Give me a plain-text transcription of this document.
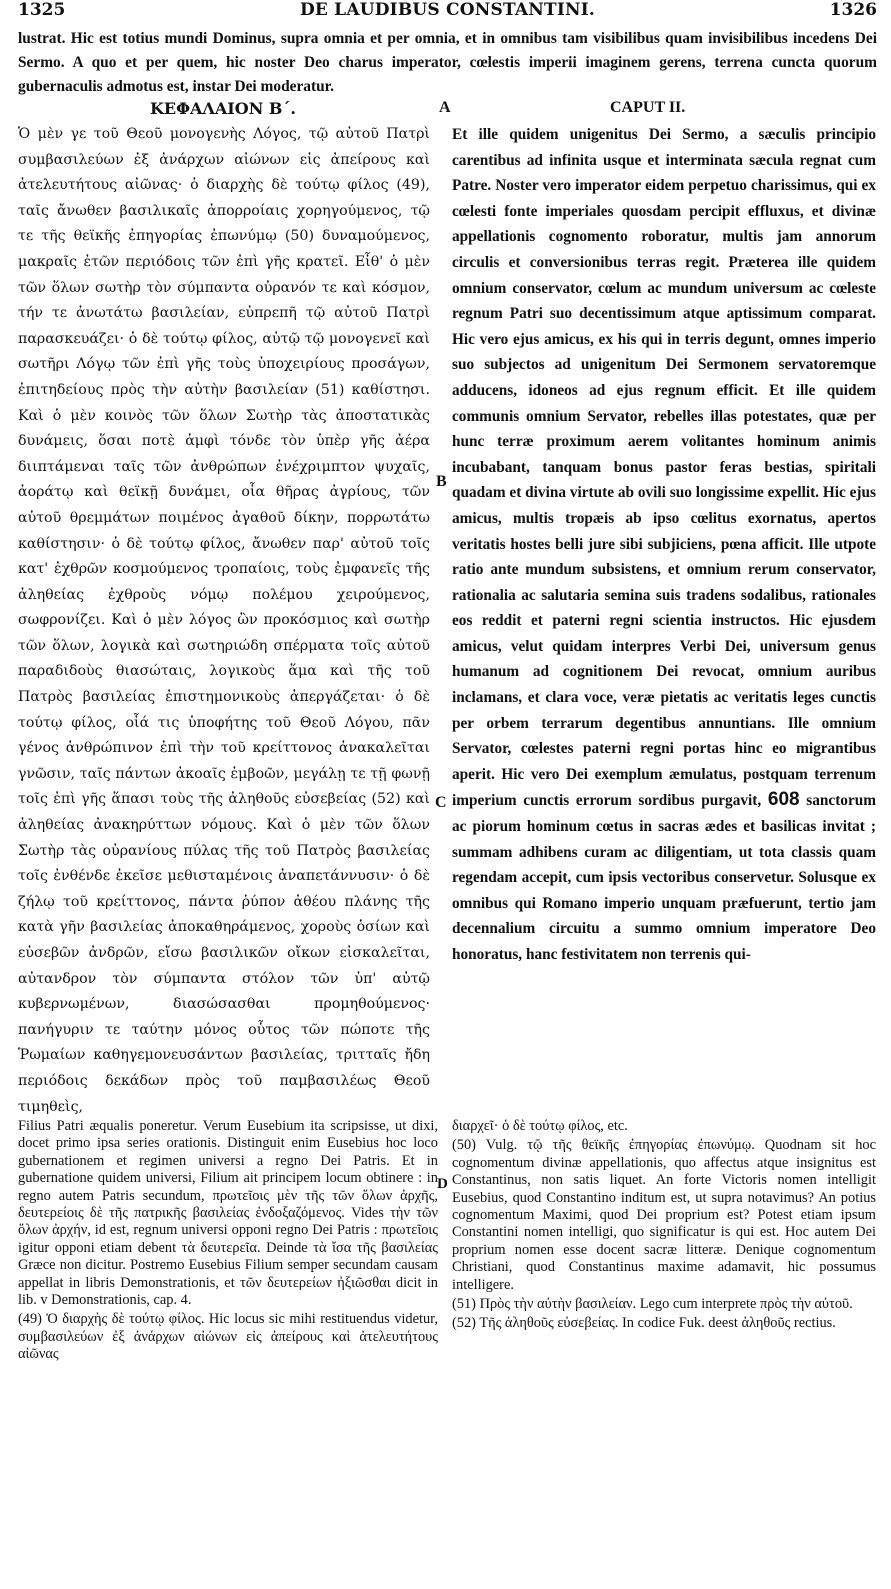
1325	DE LAUDIBUS CONSTANTINI.	1326

lustrat. Hic est totius mundi Dominus, supra omnia et per omnia, et in omnibus tam visibilibus quam invisibilibus incedens Dei Sermo. A quo et per quem, hic noster Deo charus imperator, cœlestis imperii imaginem gerens, terrena cuncta quorum gubernaculis admotus est, instar Dei moderatur.

ΚΕΦΑΛΑΙΟΝ Β΄.	A	CAPUT II.

Ὁ μὲν γε τοῦ Θεοῦ μονογενὴς Λόγος, τῷ αὐτοῦ Πατρὶ συμβασιλεύων ἐξ ἀνάρχων αἰώνων εἰς ἀπείρους καὶ ἀτελευτήτους αἰῶνας· ὁ διαρχὴς δὲ τούτῳ φίλος (49), ταῖς ἄνωθεν βασιλικαῖς ἀπορροίαις χορηγούμενος, τῷ τε τῆς θεϊκῆς ἐπηγορίας ἐπωνύμῳ (50) δυναμούμενος, μακραῖς ἐτῶν περιόδοις τῶν ἐπὶ γῆς κρατεῖ. Εἶθ' ὁ μὲν τῶν ὅλων σωτὴρ τὸν σύμπαντα οὐρανόν τε καὶ κόσμον, τήν τε ἀνωτάτω βασιλείαν, εὐπρεπῆ τῷ αὐτοῦ Πατρὶ παρασκευάζει· ὁ δὲ τούτῳ φίλος, αὐτῷ τῷ μονογενεῖ καὶ σωτῆρι Λόγῳ τῶν ἐπὶ γῆς τοὺς ὑποχειρίους προσάγων, ἐπιτηδείους πρὸς τὴν αὐτὴν βασιλείαν (51) καθίστησι. Καὶ ὁ μὲν κοινὸς τῶν ὅλων Σωτὴρ τὰς ἀποστατικὰς δυνάμεις, ὅσαι ποτὲ ἀμφὶ τόνδε τὸν ὑπὲρ γῆς ἀέρα διιπτάμεναι ταῖς τῶν ἀνθρώπων ἐνέχριμπτον ψυχαῖς, ἀοράτῳ καὶ θεϊκῇ δυνάμει, οἷα θῆρας ἀγρίους, τῶν αὐτοῦ θρεμμάτων ποιμένος ἀγαθοῦ δίκην, πορρωτάτω καθίστησιν· ὁ δὲ τούτῳ φίλος, ἄνωθεν παρ' αὐτοῦ τοῖς κατ' ἐχθρῶν κοσμούμενος τροπαίοις, τοὺς ἐμφανεῖς τῆς ἀληθείας ἐχθροὺς νόμῳ πολέμου χειρούμενος, σωφρονίζει. Καὶ ὁ μὲν λόγος ὢν προκόσμιος καὶ σωτὴρ τῶν ὅλων, λογικὰ καὶ σωτηριώδη σπέρματα τοῖς αὐτοῦ παραδιδοὺς θιασώταις, λογικοὺς ἅμα καὶ τῆς τοῦ Πατρὸς βασιλείας ἐπιστημονικοὺς ἀπεργάζεται· ὁ δὲ τούτῳ φίλος, οἷά τις ὑποφήτης τοῦ Θεοῦ Λόγου, πᾶν γένος ἀνθρώπινον ἐπὶ τὴν τοῦ κρείττονος ἀνακαλεῖται γνῶσιν, ταῖς πάντων ἀκοαῖς ἐμβοῶν, μεγάλῃ τε τῇ φωνῇ τοῖς ἐπὶ γῆς ἅπασι τοὺς τῆς ἀληθοῦς εὐσεβείας (52) καὶ ἀληθείας ἀνακηρύττων νόμους. Καὶ ὁ μὲν τῶν ὅλων Σωτὴρ τὰς οὐρανίους πύλας τῆς τοῦ Πατρὸς βασιλείας τοῖς ἐνθένδε ἐκεῖσε μεθισταμένοις ἀναπετάννυσιν· ὁ δὲ ζήλῳ τοῦ κρείττονος, πάντα ῥύπον ἀθέου πλάνης τῆς κατὰ γῆν βασιλείας ἀποκαθηράμενος, χοροὺς ὁσίων καὶ εὐσεβῶν ἀνδρῶν, εἴσω βασιλικῶν οἴκων εἰσκαλεῖται, αὐτανδρον τὸν σύμπαντα στόλον τῶν ὑπ' αὐτῷ κυβερνωμένων, διασώσασθαι προμηθούμενος· πανήγυριν τε ταύτην μόνος οὗτος τῶν πώποτε τῆς Ῥωμαίων καθηγεμονευσάντων βασιλείας, τριτταῖς ἤδη περιόδοις δεκάδων πρὸς τοῦ παμβασιλέως Θεοῦ τιμηθεὶς,

B
C

Et ille quidem unigenitus Dei Sermo, a sæculis principio carentibus ad infinita usque et interminata sæcula regnat cum Patre. Noster vero imperator eidem perpetuo charissimus, qui ex cœlesti fonte imperiales quosdam percipit effluxus, et divinæ appellationis cognomento roboratur, multis jam annorum circulis et conversionibus terras regit. Præterea ille quidem omnium conservator, cœlum ac mundum universum ac cœleste regnum Patri suo decentissimum atque aptissimum comparat. Hic vero ejus amicus, ex his qui in terris degunt, omnes imperio suo subjectos ad unigenitum Dei Sermonem servatoremque adducens, idoneos ad ejus regnum efficit. Et ille quidem communis omnium Servator, rebelles illas potestates, quæ per hunc terræ proximum aerem volitantes hominum animis incubabant, tanquam bonus pastor feras bestias, spiritali quadam et divina virtute ab ovili suo longissime expellit. Hic ejus amicus, multis tropæis ab ipso cœlitus exornatus, apertos veritatis hostes belli jure sibi subjiciens, pœna afficit. Ille utpote ratio ante mundum subsistens, et omnium rerum conservator, rationalia ac salutaria semina suis tradens sodalibus, rationales eos reddit et paterni regni scientia instructos. Hic ejusdem amicus, velut quidam interpres Verbi Dei, universum genus humanum ad cognitionem Dei revocat, omnium auribus inclamans, et clara voce, veræ pietatis ac veritatis leges cunctis per orbem terrarum degentibus annuntians. Ille omnium Servator, cœlestes paterni regni portas hinc eo migrantibus aperit. Hic vero Dei exemplum æmulatus, postquam terrenum imperium cunctis errorum sordibus purgavit, 608 sanctorum ac piorum hominum cœtus in sacras ædes et basilicas invitat ; summam adhibens curam ac diligentiam, ut tota classis quam regendam accepit, cum ipsis vectoribus conservetur. Solusque ex omnibus qui Romano imperio unquam præfuerunt, tertio jam decennalium circuitu a summo omnium imperatore Deo honoratus, hanc festivitatem non terrenis qui-

Filius Patri æqualis poneretur. Verum Eusebium ita scripsisse, ut dixi, docet primo ipsa series orationis. Distinguit enim Eusebius hoc loco gubernationem et regimen universi a regno Dei Patris. Et in gubernatione quidem universi, Filium ait principem locum obtinere : in regno autem Patris secundum, πρωτεῖοις μὲν τῆς τῶν ὅλων ἀρχῆς, δευτερείοις δὲ τῆς πατρικῆς βασιλείας ἐνδοξαζόμενος. Vides τὴν τῶν ὅλων ἀρχήν, id est, regnum universi opponi regno Dei Patris : πρωτεῖοις igitur opponi etiam debent τὰ δευτερεῖα. Deinde τὰ ἴσα τῆς βασιλείας Græce non dicitur. Postremo Eusebius Filium semper secundam causam appellat in libris Demonstrationis, et τῶν δευτερείων ἠξιῶσθαι dicit in lib. v Demonstrationis, cap. 4.

(49) Ὁ διαρχὴς δὲ τούτῳ φίλος. Hic locus sic mihi restituendus videtur, συμβασιλεύων ἐξ ἀνάρχων αἰώνων εἰς ἀπείρους καὶ ἀτελευτήτους αἰῶνας

D

διαρχεῖ· ὁ δὲ τούτῳ φίλος, etc.

(50) Vulg. τῷ τῆς θεϊκῆς ἐπηγορίας ἐπωνύμῳ. Quodnam sit hoc cognomentum divinæ appellationis, quo affectus atque insignitus est Constantinus, non satis liquet. An forte Victoris nomen intelligit Eusebius, quod Constantino inditum est, ut supra notavimus? An potius cognomentum Maximi, quod Dei proprium est? Potest etiam ipsum Constantini nomen intelligi, quo significatur is qui est. Hoc autem Dei proprium nomen esse docent sacræ litteræ. Denique cognomentum Christiani, quod Constantinus maxime adamavit, hic possumus intelligere.

(51) Πρὸς τὴν αὐτὴν βασιλείαν. Lego cum interprete πρὸς τὴν αὐτοῦ.

(52) Τῆς ἀληθοῦς εὐσεβείας. In codice Fuk. deest ἀληθοῦς rectius.
